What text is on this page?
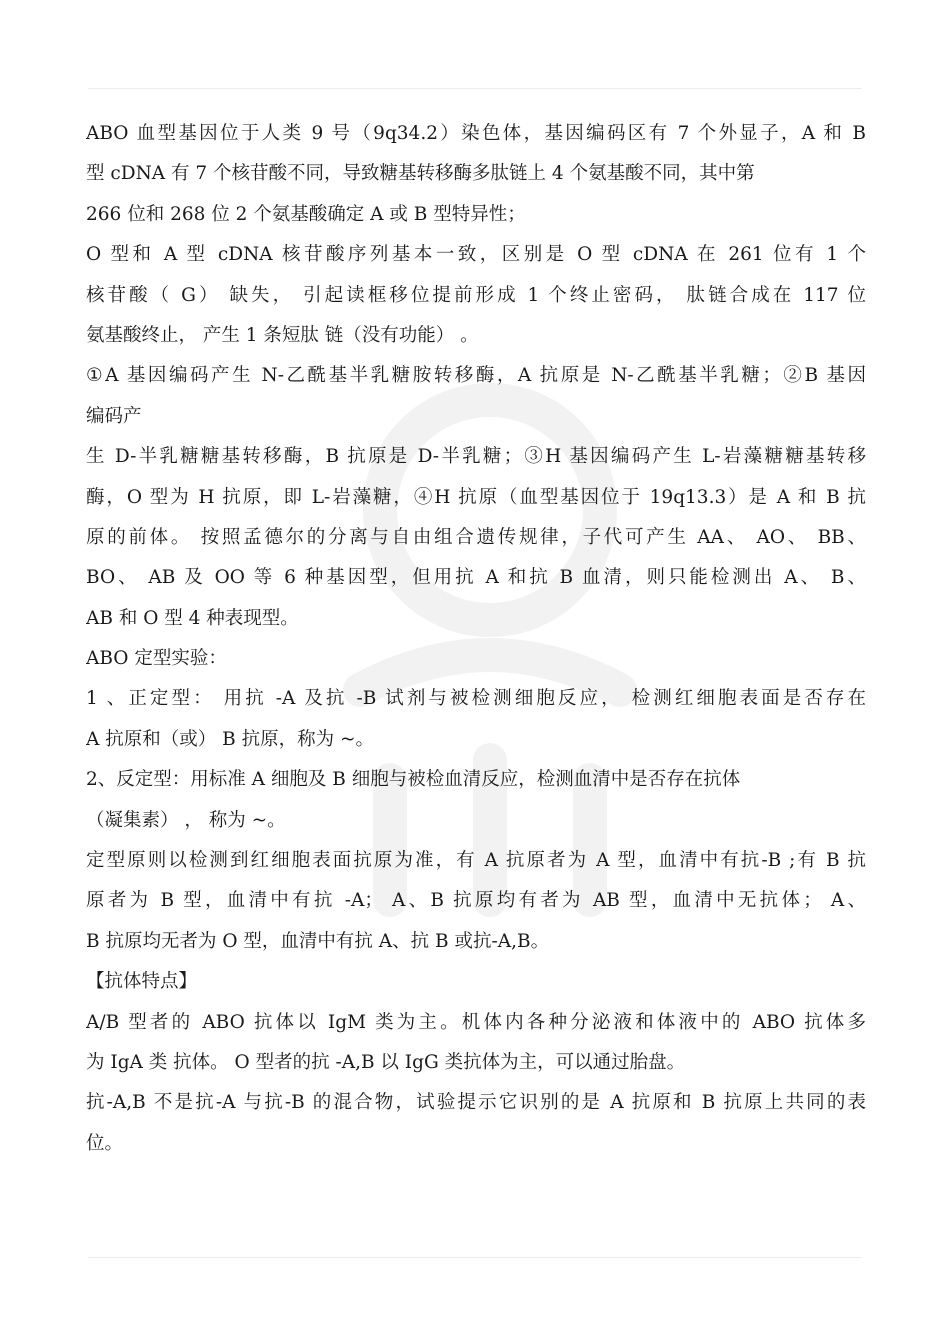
ABO 血型基因位于人类 9 号（9q34.2）染色体，基因编码区有 7 个外显子，A 和 B
型 cDNA 有 7 个核苷酸不同，导致糖基转移酶多肽链上 4 个氨基酸不同，其中第
266 位和 268 位 2 个氨基酸确定 A 或 B 型特异性；
O 型和 A 型 cDNA 核苷酸序列基本一致，区别是 O 型 cDNA 在 261 位有 1 个
核苷酸（ G） 缺失， 引起读框移位提前形成 1 个终止密码， 肽链合成在 117 位
氨基酸终止， 产生 1 条短肽 链（没有功能） 。
①A 基因编码产生 N-乙酰基半乳糖胺转移酶，A 抗原是 N-乙酰基半乳糖；②B 基因
编码产
生 D-半乳糖糖基转移酶，B 抗原是 D-半乳糖；③H 基因编码产生 L-岩藻糖糖基转移
酶，O 型为 H 抗原，即 L-岩藻糖，④H 抗原（血型基因位于 19q13.3）是 A 和 B 抗
原的前体。 按照孟德尔的分离与自由组合遗传规律，子代可产生 AA、 AO、 BB、
BO、 AB 及 OO 等 6 种基因型，但用抗 A 和抗 B 血清，则只能检测出 A、 B、
AB 和 O 型 4 种表现型。
ABO 定型实验：
1 、正定型： 用抗 -A 及抗 -B 试剂与被检测细胞反应， 检测红细胞表面是否存在
A 抗原和（或） B 抗原，称为 ~。
2、反定型：用标准 A 细胞及 B 细胞与被检血清反应，检测血清中是否存在抗体
（凝集素） ， 称为 ~。
定型原则以检测到红细胞表面抗原为准，有 A 抗原者为 A 型，血清中有抗-B ;有 B 抗
原者为 B 型，血清中有抗 -A； A、B 抗原均有者为 AB 型，血清中无抗体； A、
B 抗原均无者为 O 型，血清中有抗 A、抗 B 或抗-A,B。
【抗体特点】
A/B 型者的 ABO 抗体以 IgM 类为主。机体内各种分泌液和体液中的 ABO 抗体多
为 IgA 类 抗体。 O 型者的抗 -A,B 以 IgG 类抗体为主，可以通过胎盘。
抗-A,B 不是抗-A 与抗-B 的混合物，试验提示它识别的是 A 抗原和 B 抗原上共同的表
位。
